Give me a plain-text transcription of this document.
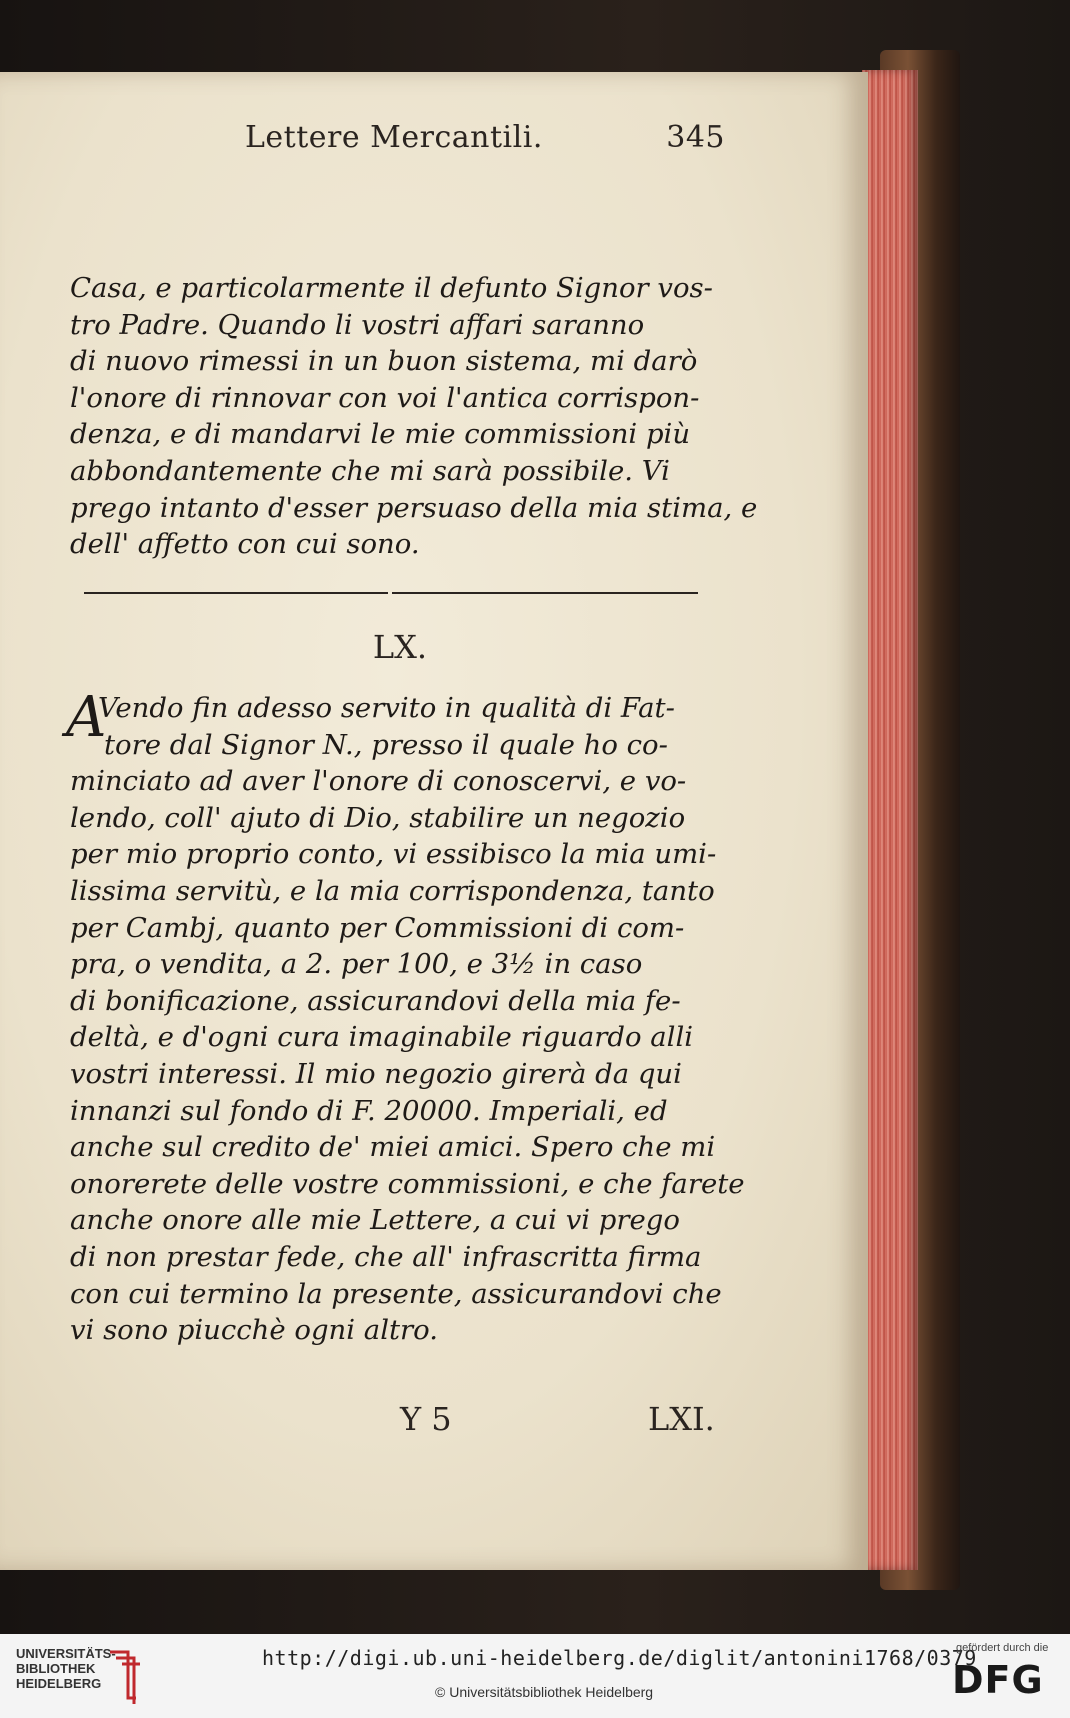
Lettere Mercantili.	345
Casa, e particolarmente il defunto Signor vos-
tro Padre. Quando li vostri affari saranno
di nuovo rimessi in un buon sistema, mi darò
l'onore di rinnovar con voi l'antica corrispon-
denza, e di mandarvi le mie commissioni più
abbondantemente che mi sarà possibile. Vi
prego intanto d'esser persuaso della mia stima, e
dell' affetto con cui sono.
LX.
A
Vendo fin adesso servito in qualità di Fat-
tore dal Signor N., presso il quale ho co-
minciato ad aver l'onore di conoscervi, e vo-
lendo, coll' ajuto di Dio, stabilire un negozio
per mio proprio conto, vi essibisco la mia umi-
lissima servitù, e la mia corrispondenza, tanto
per Cambj, quanto per Commissioni di com-
pra, o vendita, a 2. per 100, e 3½ in caso
di bonificazione, assicurandovi della mia fe-
deltà, e d'ogni cura imaginabile riguardo alli
vostri interessi. Il mio negozio girerà da qui
innanzi sul fondo di F. 20000. Imperiali, ed
anche sul credito de' miei amici. Spero che mi
onorerete delle vostre commissioni, e che farete
anche onore alle mie Lettere, a cui vi prego
di non prestar fede, che all' infrascritta firma
con cui termino la presente, assicurandovi che
vi sono piucchè ogni altro.
Y 5	LXI.
UNIVERSITÄTS-
BIBLIOTHEK
HEIDELBERG
http://digi.ub.uni-heidelberg.de/diglit/antonini1768/0379
© Universitätsbibliothek Heidelberg
gefördert durch die
DFG
